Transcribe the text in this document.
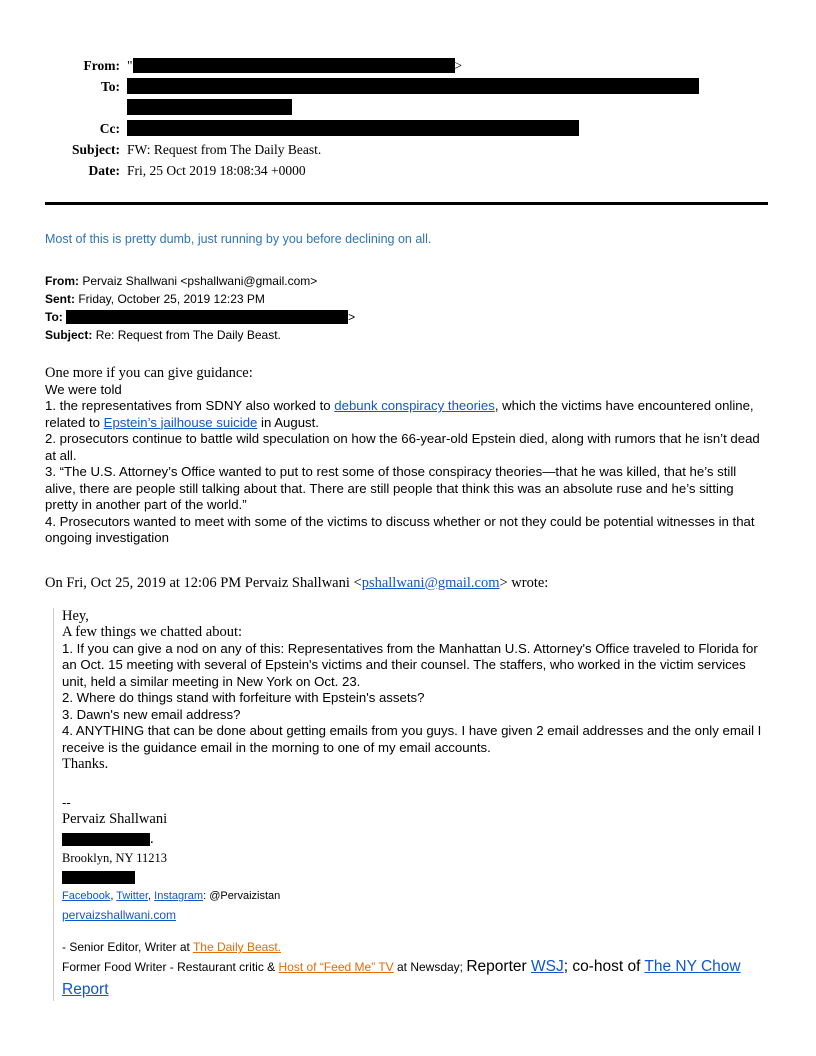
From: "	>
To:

Cc:
Subject: FW: Request from The Daily Beast.
Date: Fri, 25 Oct 2019 18:08:34 +0000
Most of this is pretty dumb, just running by you before declining on all.
From: Pervaiz Shallwani <pshallwani@gmail.com>
Sent: Friday, October 25, 2019 12:23 PM
To:	>
Subject: Re: Request from The Daily Beast.

One more if you can give guidance:

We were told

1. the representatives from SDNY also worked to debunk conspiracy theories, which the victims have encountered online, related to Epstein’s jailhouse suicide in August.

2. prosecutors continue to battle wild speculation on how the 66-year-old Epstein died, along with rumors that he isn’t dead at all.

3. “The U.S. Attorney’s Office wanted to put to rest some of those conspiracy theories—that he was killed, that he’s still alive, there are people still talking about that. There are still people that think this was an absolute ruse and he’s sitting pretty in another part of the world.”

4. Prosecutors wanted to meet with some of the victims to discuss whether or not they could be potential witnesses in that ongoing investigation

On Fri, Oct 25, 2019 at 12:06 PM Pervaiz Shallwani <pshallwani@gmail.com> wrote:

Hey,

A few things we chatted about:

1. If you can give a nod on any of this: Representatives from the Manhattan U.S. Attorney's Office traveled to Florida for an Oct. 15 meeting with several of Epstein's victims and their counsel. The staffers, who worked in the victim services unit, held a similar meeting in New York on Oct. 23.

2. Where do things stand with forfeiture with Epstein's assets?

3. Dawn's new email address?

4. ANYTHING that can be done about getting emails from you guys. I have given 2 email addresses and the only email I receive is the guidance email in the morning to one of my email accounts.

Thanks.

--
Pervaiz Shallwani
.
Brooklyn, NY 11213
Facebook, Twitter, Instagram: @Pervaizistan
pervaizshallwani.com
- Senior Editor, Writer at The Daily Beast.
Former Food Writer - Restaurant critic & Host of “Feed Me” TV at Newsday; Reporter WSJ; co-host of The NY Chow Report
